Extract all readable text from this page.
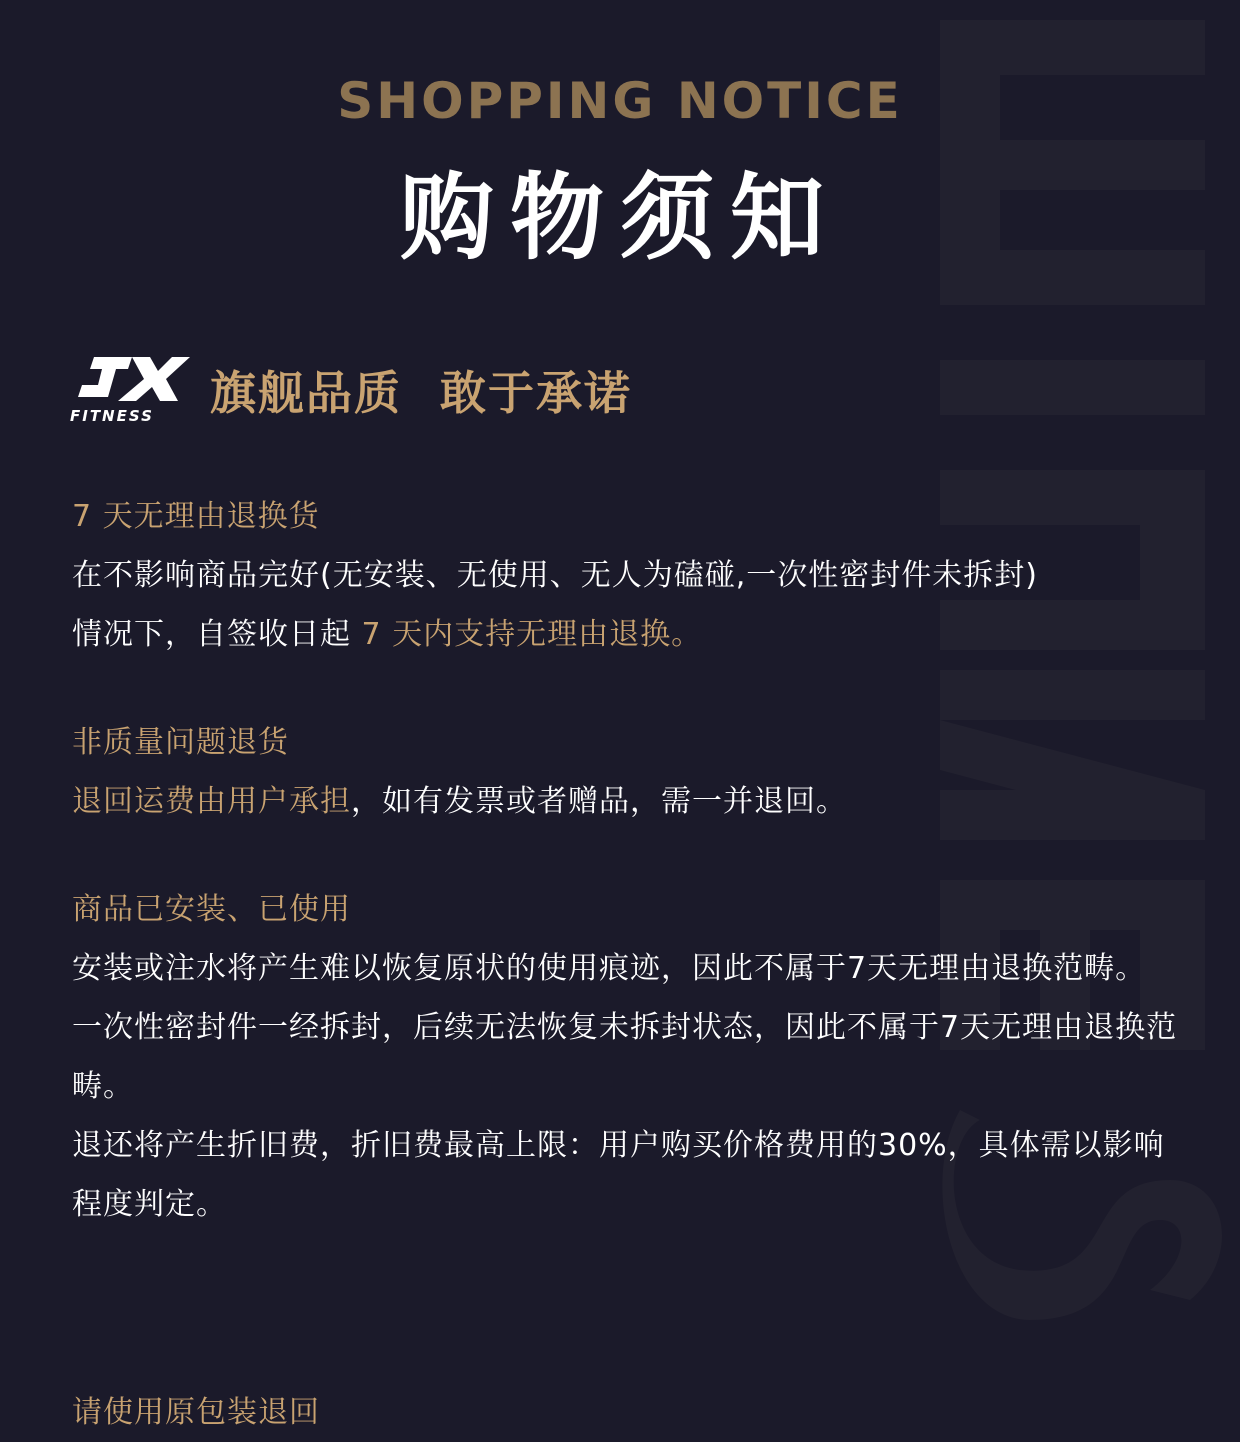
SHOPPING NOTICE
购物须知
FITNESS 旗舰品质 敢于承诺
7 天无理由退换货
在不影响商品完好(无安装、无使用、无人为磕碰,一次性密封件未拆封)
情况下，自签收日起 7 天内支持无理由退换。
非质量问题退货
退回运费由用户承担，如有发票或者赠品，需一并退回。
商品已安装、已使用
安装或注水将产生难以恢复原状的使用痕迹，因此不属于7天无理由退换范畴。
一次性密封件一经拆封，后续无法恢复未拆封状态，因此不属于7天无理由退换范畴。
退还将产生折旧费，折旧费最高上限：用户购买价格费用的30%，具体需以影响程度判定。
请使用原包装退回
